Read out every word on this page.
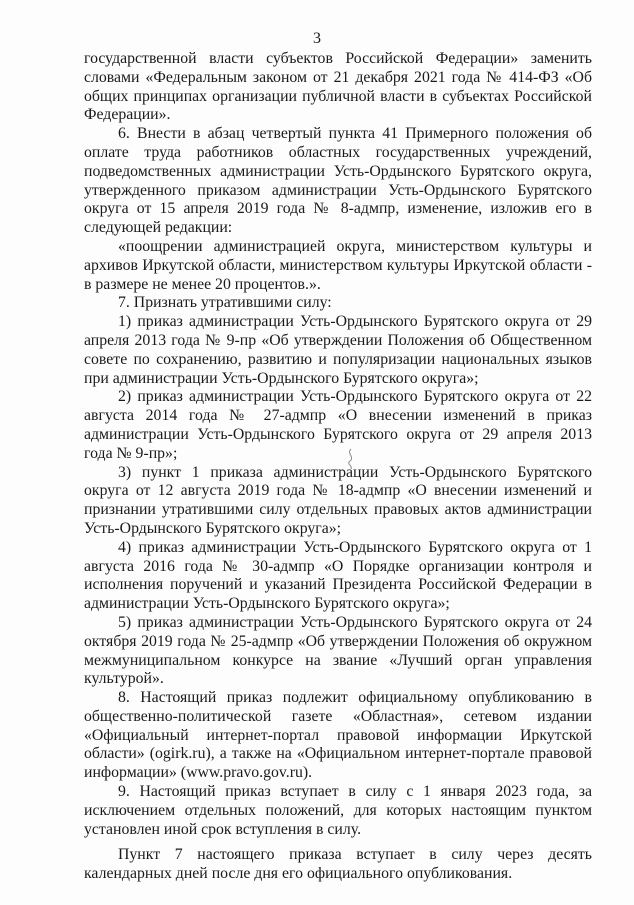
3

государственной власти субъектов Российской Федерации» заменить словами «Федеральным законом от 21 декабря 2021 года № 414-ФЗ «Об общих принципах организации публичной власти в субъектах Российской Федерации».

6. Внести в абзац четвертый пункта 41 Примерного положения об оплате труда работников областных государственных учреждений, подведомственных администрации Усть-Ордынского Бурятского округа, утвержденного приказом администрации Усть-Ордынского Бурятского округа от 15 апреля 2019 года № 8-адмпр, изменение, изложив его в следующей редакции:

«поощрении администрацией округа, министерством культуры и архивов Иркутской области, министерством культуры Иркутской области - в размере не менее 20 процентов.».

7. Признать утратившими силу:

1) приказ администрации Усть-Ордынского Бурятского округа от 29 апреля 2013 года № 9-пр «Об утверждении Положения об Общественном совете по сохранению, развитию и популяризации национальных языков при администрации Усть-Ордынского Бурятского округа»;

2) приказ администрации Усть-Ордынского Бурятского округа от 22 августа 2014 года № 27-адмпр «О внесении изменений в приказ администрации Усть-Ордынского Бурятского округа от 29 апреля 2013 года № 9-пр»;

3) пункт 1 приказа администрации Усть-Ордынского Бурятского округа от 12 августа 2019 года № 18-адмпр «О внесении изменений и признании утратившими силу отдельных правовых актов администрации Усть-Ордынского Бурятского округа»;

4) приказ администрации Усть-Ордынского Бурятского округа от 1 августа 2016 года № 30-адмпр «О Порядке организации контроля и исполнения поручений и указаний Президента Российской Федерации в администрации Усть-Ордынского Бурятского округа»;

5) приказ администрации Усть-Ордынского Бурятского округа от 24 октября 2019 года № 25-адмпр «Об утверждении Положения об окружном межмуниципальном конкурсе на звание «Лучший орган управления культурой».

8. Настоящий приказ подлежит официальному опубликованию в общественно-политической газете «Областная», сетевом издании «Официальный интернет-портал правовой информации Иркутской области» (ogirk.ru), а также на «Официальном интернет-портале правовой информации» (www.pravo.gov.ru).

9. Настоящий приказ вступает в силу с 1 января 2023 года, за исключением отдельных положений, для которых настоящим пунктом установлен иной срок вступления в силу.

Пункт 7 настоящего приказа вступает в силу через десять календарных дней после дня его официального опубликования.
